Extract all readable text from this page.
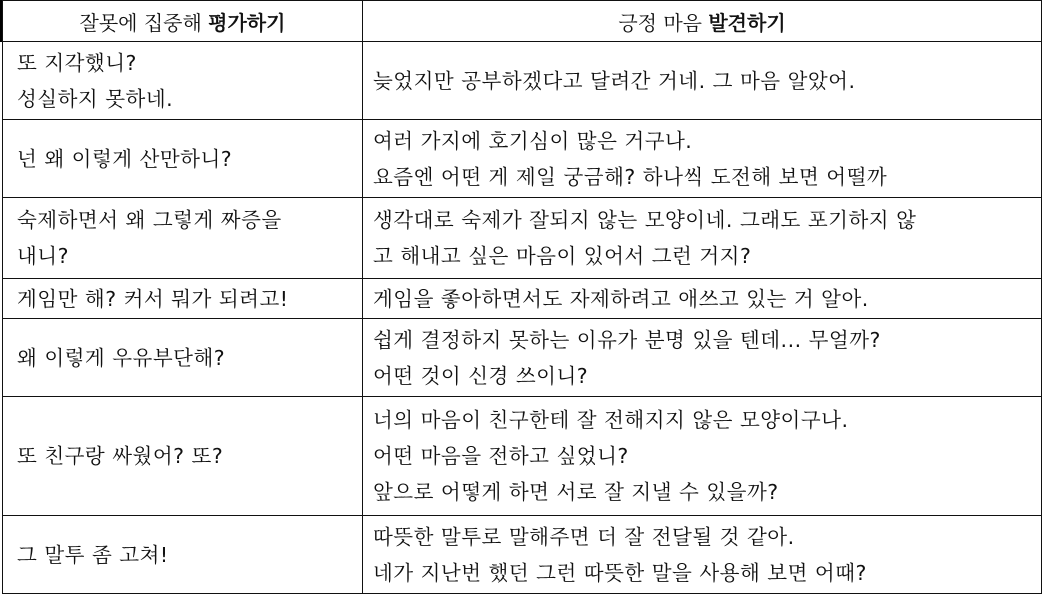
잘못에 집중해 평가하기	긍정 마음 발견하기

또 지각했니?
성실하지 못하네.	늦었지만 공부하겠다고 달려간 거네. 그 마음 알았어.

넌 왜 이렇게 산만하니?	여러 가지에 호기심이 많은 거구나.
요즘엔 어떤 게 제일 궁금해? 하나씩 도전해 보면 어떨까

숙제하면서 왜 그렇게 짜증을
내니?	생각대로 숙제가 잘되지 않는 모양이네. 그래도 포기하지 않
고 해내고 싶은 마음이 있어서 그런 거지?

게임만 해? 커서 뭐가 되려고!	게임을 좋아하면서도 자제하려고 애쓰고 있는 거 알아.

왜 이렇게 우유부단해?	쉽게 결정하지 못하는 이유가 분명 있을 텐데... 무얼까?
어떤 것이 신경 쓰이니?

또 친구랑 싸웠어? 또?	너의 마음이 친구한테 잘 전해지지 않은 모양이구나.
어떤 마음을 전하고 싶었니?
앞으로 어떻게 하면 서로 잘 지낼 수 있을까?

그 말투 좀 고쳐!	따뜻한 말투로 말해주면 더 잘 전달될 것 같아.
네가 지난번 했던 그런 따뜻한 말을 사용해 보면 어때?
